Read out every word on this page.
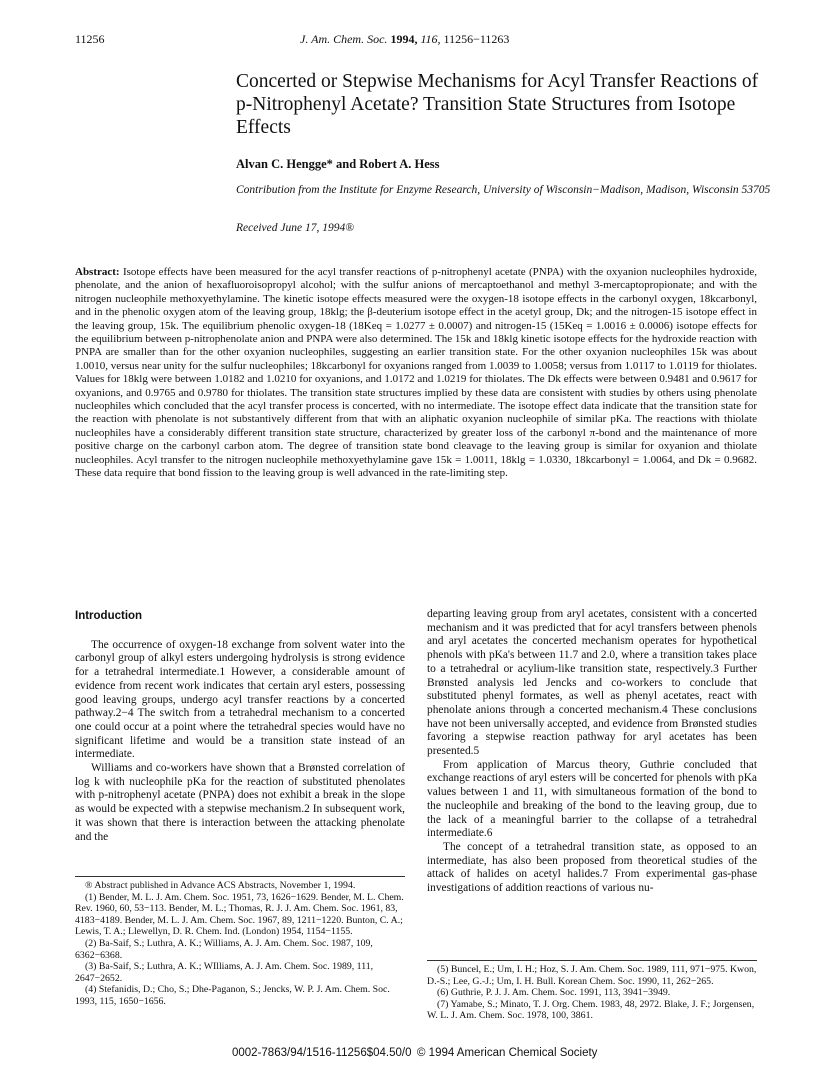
11256	J. Am. Chem. Soc. 1994, 116, 11256−11263
Concerted or Stepwise Mechanisms for Acyl Transfer Reactions of p-Nitrophenyl Acetate? Transition State Structures from Isotope Effects
Alvan C. Hengge* and Robert A. Hess
Contribution from the Institute for Enzyme Research, University of Wisconsin−Madison, Madison, Wisconsin 53705
Received June 17, 1994®
Abstract: Isotope effects have been measured for the acyl transfer reactions of p-nitrophenyl acetate (PNPA) with the oxyanion nucleophiles hydroxide, phenolate, and the anion of hexafluoroisopropyl alcohol; with the sulfur anions of mercaptoethanol and methyl 3-mercaptopropionate; and with the nitrogen nucleophile methoxyethylamine. The kinetic isotope effects measured were the oxygen-18 isotope effects in the carbonyl oxygen, 18kcarbonyl, and in the phenolic oxygen atom of the leaving group, 18klg; the β-deuterium isotope effect in the acetyl group, Dk; and the nitrogen-15 isotope effect in the leaving group, 15k. The equilibrium phenolic oxygen-18 (18Keq = 1.0277 ± 0.0007) and nitrogen-15 (15Keq = 1.0016 ± 0.0006) isotope effects for the equilibrium between p-nitrophenolate anion and PNPA were also determined. The 15k and 18klg kinetic isotope effects for the hydroxide reaction with PNPA are smaller than for the other oxyanion nucleophiles, suggesting an earlier transition state. For the other oxyanion nucleophiles 15k was about 1.0010, versus near unity for the sulfur nucleophiles; 18kcarbonyl for oxyanions ranged from 1.0039 to 1.0058; versus from 1.0117 to 1.0119 for thiolates. Values for 18klg were between 1.0182 and 1.0210 for oxyanions, and 1.0172 and 1.0219 for thiolates. The Dk effects were between 0.9481 and 0.9617 for oxyanions, and 0.9765 and 0.9780 for thiolates. The transition state structures implied by these data are consistent with studies by others using phenolate nucleophiles which concluded that the acyl transfer process is concerted, with no intermediate. The isotope effect data indicate that the transition state for the reaction with phenolate is not substantively different from that with an aliphatic oxyanion nucleophile of similar pKa. The reactions with thiolate nucleophiles have a considerably different transition state structure, characterized by greater loss of the carbonyl π-bond and the maintenance of more positive charge on the carbonyl carbon atom. The degree of transition state bond cleavage to the leaving group is similar for oxyanion and thiolate nucleophiles. Acyl transfer to the nitrogen nucleophile methoxyethylamine gave 15k = 1.0011, 18klg = 1.0330, 18kcarbonyl = 1.0064, and Dk = 0.9682. These data require that bond fission to the leaving group is well advanced in the rate-limiting step.

Introduction

The occurrence of oxygen-18 exchange from solvent water into the carbonyl group of alkyl esters undergoing hydrolysis is strong evidence for a tetrahedral intermediate.1 However, a considerable amount of evidence from recent work indicates that certain aryl esters, possessing good leaving groups, undergo acyl transfer reactions by a concerted pathway.2−4 The switch from a tetrahedral mechanism to a concerted one could occur at a point where the tetrahedral species would have no significant lifetime and would be a transition state instead of an intermediate.

Williams and co-workers have shown that a Brønsted correlation of log k with nucleophile pKa for the reaction of substituted phenolates with p-nitrophenyl acetate (PNPA) does not exhibit a break in the slope as would be expected with a stepwise mechanism.2 In subsequent work, it was shown that there is interaction between the attacking phenolate and the

departing leaving group from aryl acetates, consistent with a concerted mechanism and it was predicted that for acyl transfers between phenols and aryl acetates the concerted mechanism operates for hypothetical phenols with pKa's between 11.7 and 2.0, where a transition takes place to a tetrahedral or acylium-like transition state, respectively.3 Further Brønsted analysis led Jencks and co-workers to conclude that substituted phenyl formates, as well as phenyl acetates, react with phenolate anions through a concerted mechanism.4 These conclusions have not been universally accepted, and evidence from Brønsted studies favoring a stepwise reaction pathway for aryl acetates has been presented.5

From application of Marcus theory, Guthrie concluded that exchange reactions of aryl esters will be concerted for phenols with pKa values between 1 and 11, with simultaneous formation of the bond to the nucleophile and breaking of the bond to the leaving group, due to the lack of a meaningful barrier to the collapse of a tetrahedral intermediate.6

The concept of a tetrahedral transition state, as opposed to an intermediate, has also been proposed from theoretical studies of the attack of halides on acetyl halides.7 From experimental gas-phase investigations of addition reactions of various nu-

® Abstract published in Advance ACS Abstracts, November 1, 1994.
(1) Bender, M. L. J. Am. Chem. Soc. 1951, 73, 1626−1629. Bender, M. L. Chem. Rev. 1960, 60, 53−113. Bender, M. L.; Thomas, R. J. J. Am. Chem. Soc. 1961, 83, 4183−4189. Bender, M. L. J. Am. Chem. Soc. 1967, 89, 1211−1220. Bunton, C. A.; Lewis, T. A.; Llewellyn, D. R. Chem. Ind. (London) 1954, 1154−1155.
(2) Ba-Saif, S.; Luthra, A. K.; Williams, A. J. Am. Chem. Soc. 1987, 109, 6362−6368.
(3) Ba-Saif, S.; Luthra, A. K.; WIlliams, A. J. Am. Chem. Soc. 1989, 111, 2647−2652.
(4) Stefanidis, D.; Cho, S.; Dhe-Paganon, S.; Jencks, W. P. J. Am. Chem. Soc. 1993, 115, 1650−1656.
(5) Buncel, E.; Um, I. H.; Hoz, S. J. Am. Chem. Soc. 1989, 111, 971−975. Kwon, D.-S.; Lee, G.-J.; Um, I. H. Bull. Korean Chem. Soc. 1990, 11, 262−265.
(6) Guthrie, P. J. J. Am. Chem. Soc. 1991, 113, 3941−3949.
(7) Yamabe, S.; Minato, T. J. Org. Chem. 1983, 48, 2972. Blake, J. F.; Jorgensen, W. L. J. Am. Chem. Soc. 1978, 100, 3861.
0002-7863/94/1516-11256$04.50/0 © 1994 American Chemical Society
